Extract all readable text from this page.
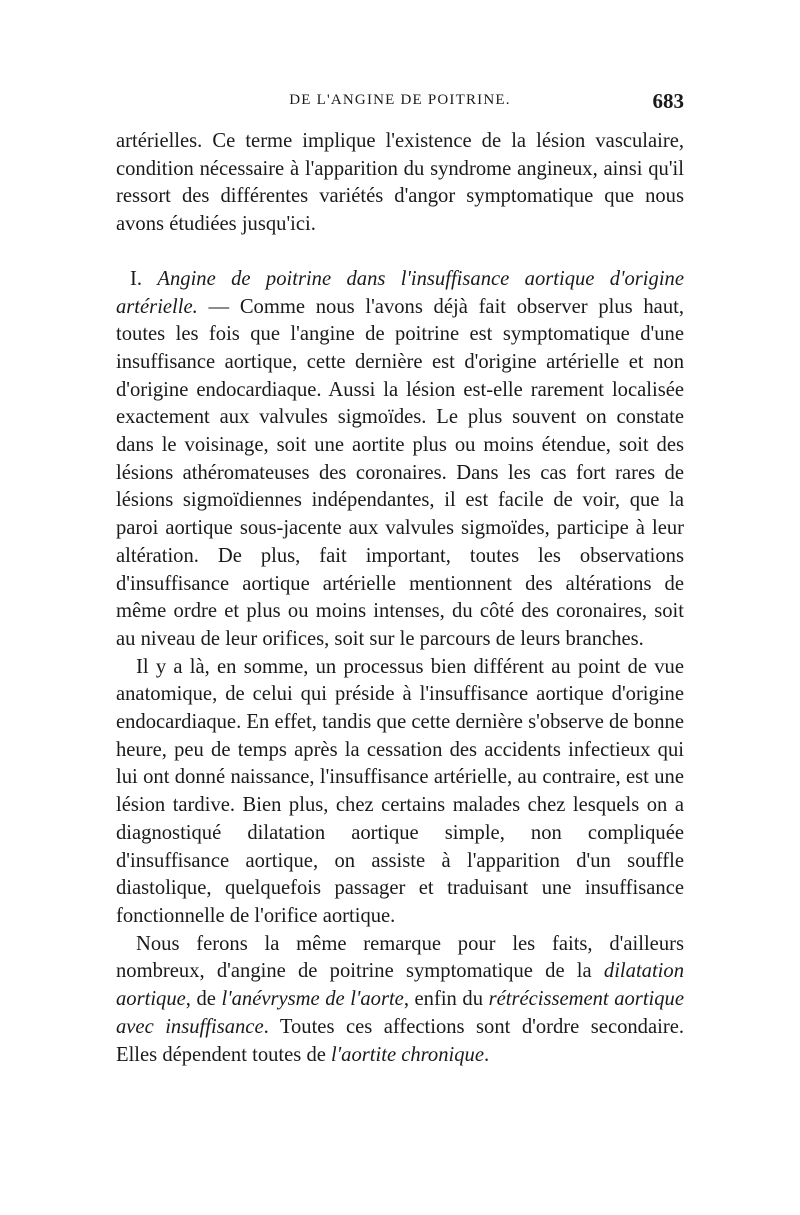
DE L'ANGINE DE POITRINE.	683

artérielles. Ce terme implique l'existence de la lésion vasculaire, condition nécessaire à l'apparition du syndrome angineux, ainsi qu'il ressort des différentes variétés d'angor symptomatique que nous avons étudiées jusqu'ici.

I. Angine de poitrine dans l'insuffisance aortique d'origine artérielle. — Comme nous l'avons déjà fait observer plus haut, toutes les fois que l'angine de poitrine est symptomatique d'une insuffisance aortique, cette dernière est d'origine artérielle et non d'origine endocardiaque. Aussi la lésion est-elle rarement localisée exactement aux valvules sigmoïdes. Le plus souvent on constate dans le voisinage, soit une aortite plus ou moins étendue, soit des lésions athéromateuses des coronaires. Dans les cas fort rares de lésions sigmoïdiennes indépendantes, il est facile de voir, que la paroi aortique sous-jacente aux valvules sigmoïdes, participe à leur altération. De plus, fait important, toutes les observations d'insuffisance aortique artérielle mentionnent des altérations de même ordre et plus ou moins intenses, du côté des coronaires, soit au niveau de leur orifices, soit sur le parcours de leurs branches.

Il y a là, en somme, un processus bien différent au point de vue anatomique, de celui qui préside à l'insuffisance aortique d'origine endocardiaque. En effet, tandis que cette dernière s'observe de bonne heure, peu de temps après la cessation des accidents infectieux qui lui ont donné naissance, l'insuffisance artérielle, au contraire, est une lésion tardive. Bien plus, chez certains malades chez lesquels on a diagnostiqué dilatation aortique simple, non compliquée d'insuffisance aortique, on assiste à l'apparition d'un souffle diastolique, quelquefois passager et traduisant une insuffisance fonctionnelle de l'orifice aortique.

Nous ferons la même remarque pour les faits, d'ailleurs nombreux, d'angine de poitrine symptomatique de la dilatation aortique, de l'anévrysme de l'aorte, enfin du rétrécissement aortique avec insuffisance. Toutes ces affections sont d'ordre secondaire. Elles dépendent toutes de l'aortite chronique.
